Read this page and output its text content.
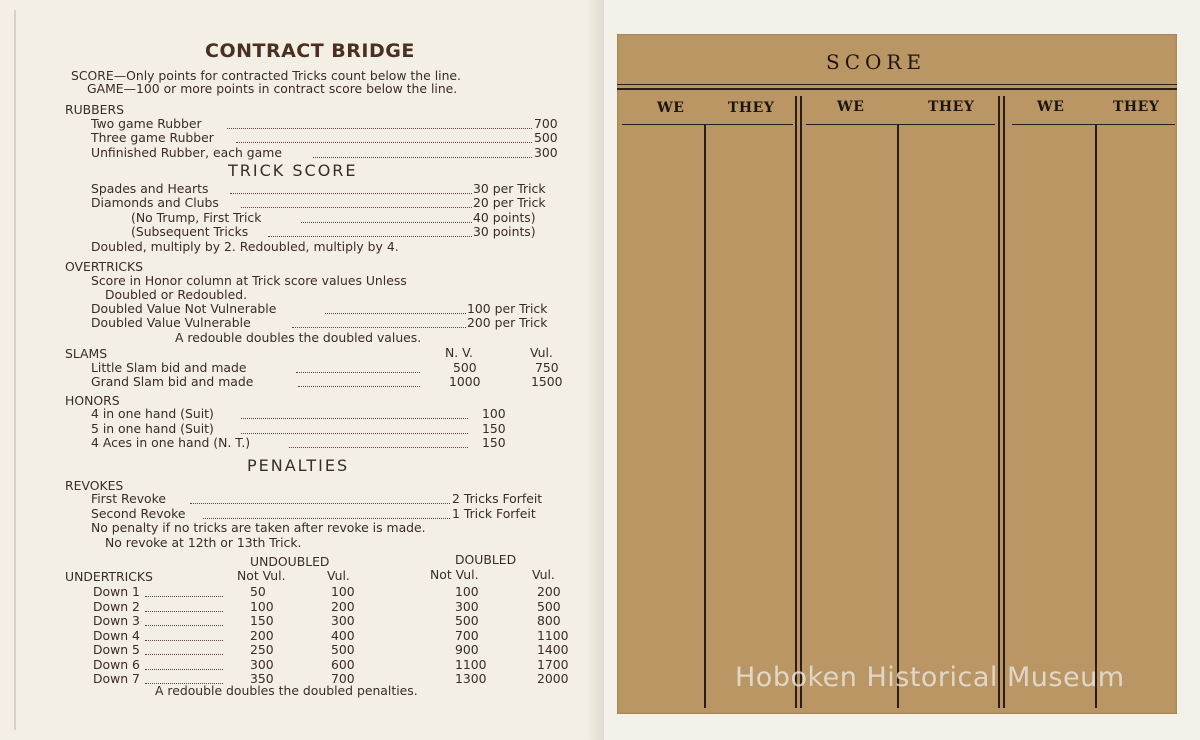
CONTRACT BRIDGE
SCORE—Only points for contracted Tricks count below the line.
GAME—100 or more points in contract score below the line.
RUBBERS
Two game Rubber	700
Three game Rubber	500
Unfinished Rubber, each game	300
TRICK SCORE
Spades and Hearts	30 per Trick
Diamonds and Clubs	20 per Trick
(No Trump, First Trick	40 points)
(Subsequent Tricks	30 points)
Doubled, multiply by 2. Redoubled, multiply by 4.
OVERTRICKS
Score in Honor column at Trick score values Unless
Doubled or Redoubled.
Doubled Value Not Vulnerable	100 per Trick
Doubled Value Vulnerable	200 per Trick
A redouble doubles the doubled values.
SLAMS	N. V.	Vul.
Little Slam bid and made	500	750
Grand Slam bid and made	1000	1500
HONORS
4 in one hand (Suit)	100
5 in one hand (Suit)	150
4 Aces in one hand (N. T.)	150
PENALTIES
REVOKES
First Revoke	2 Tricks Forfeit
Second Revoke	1 Trick Forfeit
No penalty if no tricks are taken after revoke is made.
No revoke at 12th or 13th Trick.
UNDOUBLED	DOUBLED
UNDERTRICKS	Not Vul.	Vul.	Not Vul.	Vul.
Down 1	50	100	100	200
Down 2	100	200	300	500
Down 3	150	300	500	800
Down 4	200	400	700	1100
Down 5	250	500	900	1400
Down 6	300	600	1100	1700
Down 7	350	700	1300	2000
A redouble doubles the doubled penalties.
SCORE
WE	THEY	WE	THEY	WE	THEY
Hoboken Historical Museum
